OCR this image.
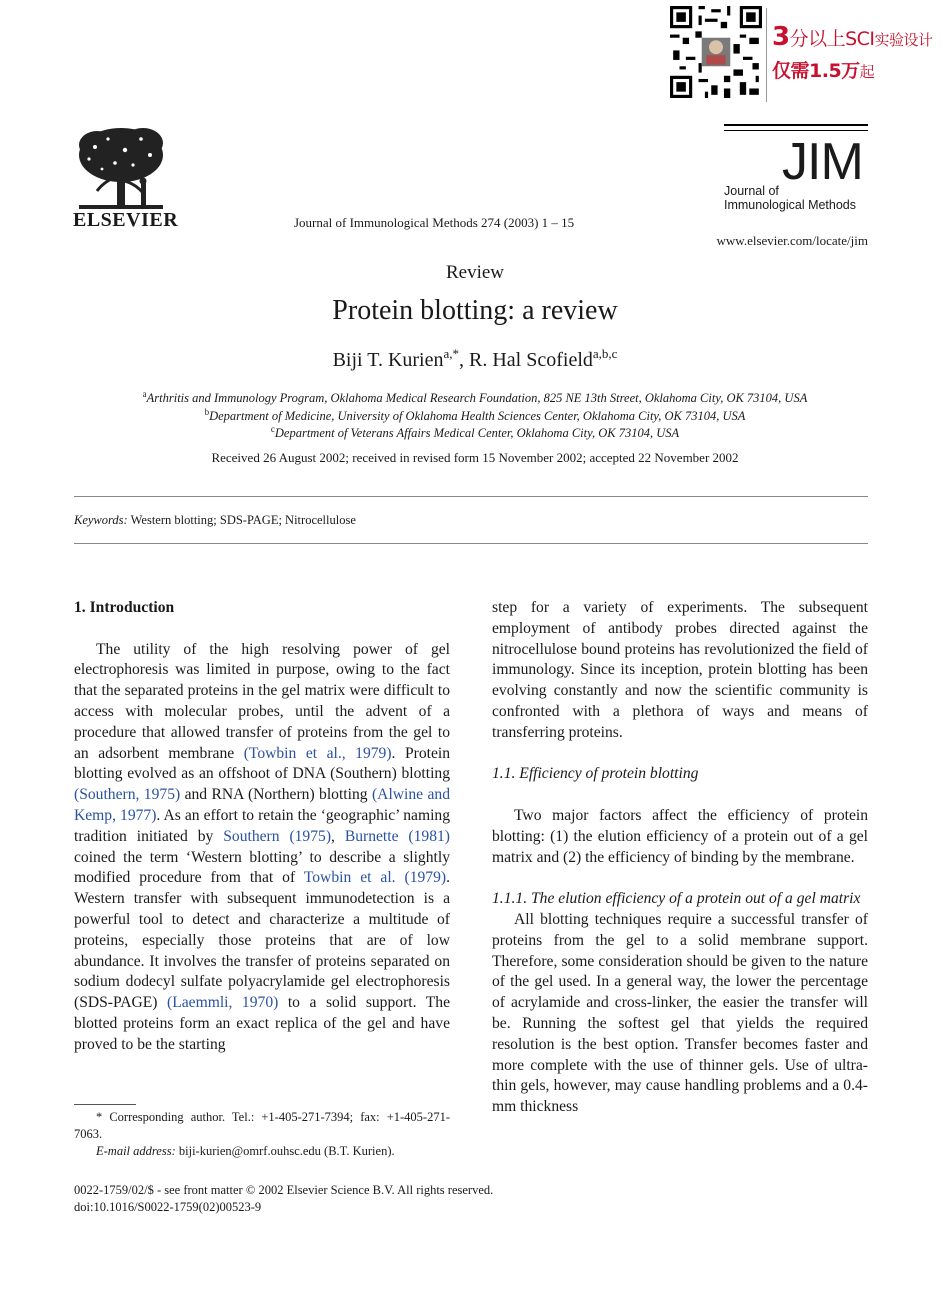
3分以上SCI实验设计
仅需1.5万起
ELSEVIER	Journal of Immunological Methods 274 (2003) 1 – 15
JIM
Journal of
Immunological Methods
www.elsevier.com/locate/jim
Review
Protein blotting: a review
Biji T. Kurien$^{a,*}$, R. Hal Scofield$^{a,b,c}$
$^a$Arthritis and Immunology Program, Oklahoma Medical Research Foundation, 825 NE 13th Street, Oklahoma City, OK 73104, USA
$^b$Department of Medicine, University of Oklahoma Health Sciences Center, Oklahoma City, OK 73104, USA
$^c$Department of Veterans Affairs Medical Center, Oklahoma City, OK 73104, USA
Received 26 August 2002; received in revised form 15 November 2002; accepted 22 November 2002
Keywords: Western blotting; SDS-PAGE; Nitrocellulose

1. Introduction

The utility of the high resolving power of gel electrophoresis was limited in purpose, owing to the fact that the separated proteins in the gel matrix were difficult to access with molecular probes, until the advent of a procedure that allowed transfer of proteins from the gel to an adsorbent membrane (Towbin et al., 1979). Protein blotting evolved as an offshoot of DNA (Southern) blotting (Southern, 1975) and RNA (Northern) blotting (Alwine and Kemp, 1977). As an effort to retain the ‘geographic’ naming tradition initiated by Southern (1975), Burnette (1981) coined the term ‘Western blotting’ to describe a slightly modified procedure from that of Towbin et al. (1979). Western transfer with subsequent immunodetection is a powerful tool to detect and characterize a multitude of proteins, especially those proteins that are of low abundance. It involves the transfer of proteins separated on sodium dodecyl sulfate polyacrylamide gel electrophoresis (SDS-PAGE) (Laemmli, 1970) to a solid support. The blotted proteins form an exact replica of the gel and have proved to be the starting

step for a variety of experiments. The subsequent employment of antibody probes directed against the nitrocellulose bound proteins has revolutionized the field of immunology. Since its inception, protein blotting has been evolving constantly and now the scientific community is confronted with a plethora of ways and means of transferring proteins.

1.1. Efficiency of protein blotting

Two major factors affect the efficiency of protein blotting: (1) the elution efficiency of a protein out of a gel matrix and (2) the efficiency of binding by the membrane.

1.1.1. The elution efficiency of a protein out of a gel matrix

All blotting techniques require a successful transfer of proteins from the gel to a solid membrane support. Therefore, some consideration should be given to the nature of the gel used. In a general way, the lower the percentage of acrylamide and cross-linker, the easier the transfer will be. Running the softest gel that yields the required resolution is the best option. Transfer becomes faster and more complete with the use of thinner gels. Use of ultra-thin gels, however, may cause handling problems and a 0.4-mm thickness

* Corresponding author. Tel.: +1-405-271-7394; fax: +1-405-271-7063.

E-mail address: biji-kurien@omrf.ouhsc.edu (B.T. Kurien).

0022-1759/02/$ - see front matter © 2002 Elsevier Science B.V. All rights reserved.
doi:10.1016/S0022-1759(02)00523-9
